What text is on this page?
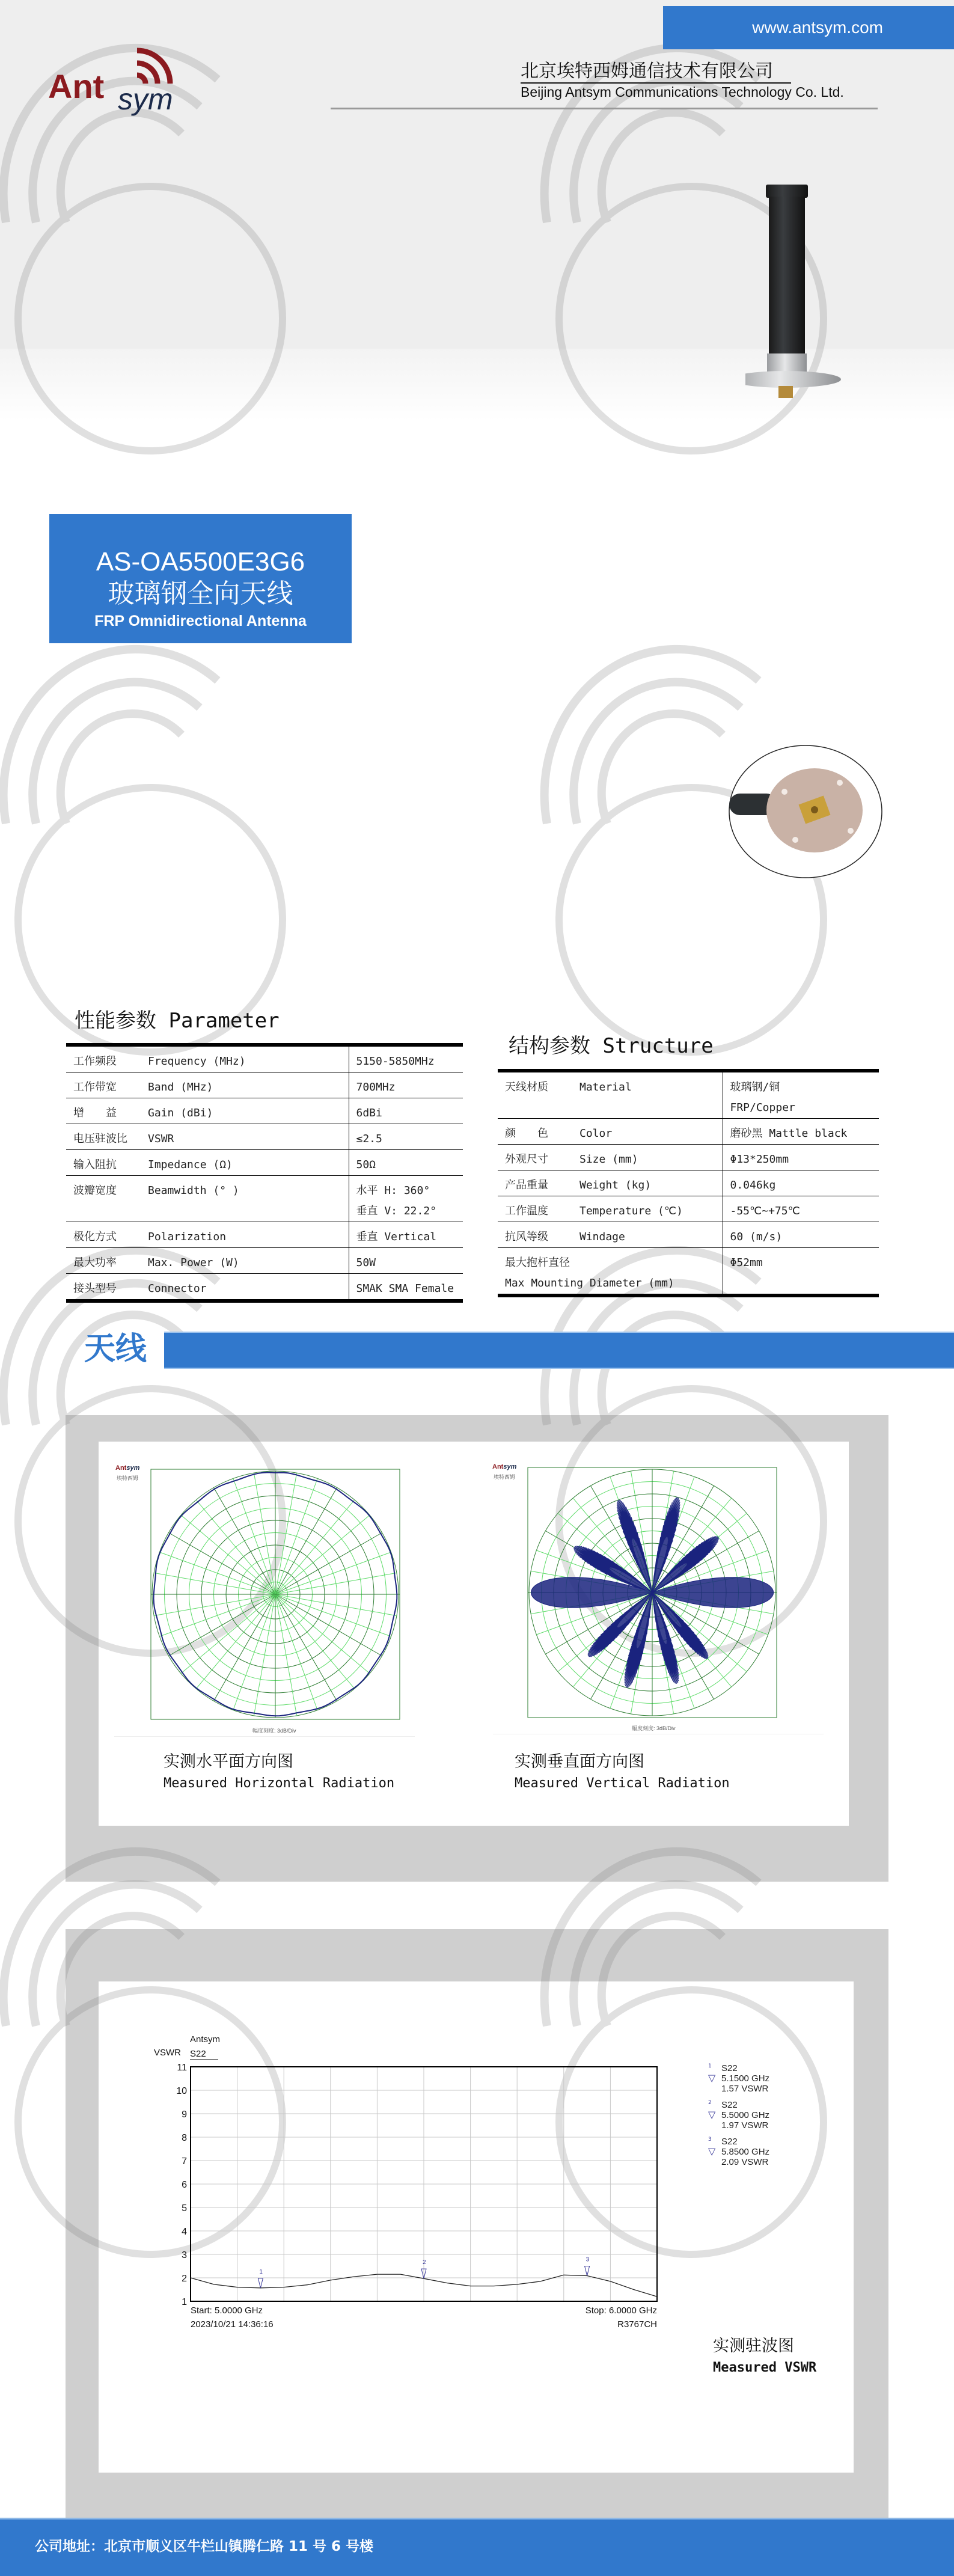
www.antsym.com
Ant sym
北京埃特西姆通信技术有限公司
Beijing Antsym Communications Technology Co. Ltd.
AS-OA5500E3G6
玻璃钢全向天线
FRP Omnidirectional Antenna
性能参数 Parameter
工作频段 Frequency (MHz)	5150-5850MHz

工作带宽 Band (MHz)	700MHz

增　　益 Gain (dBi)	6dBi

电压驻波比 VSWR	≤2.5

输入阻抗 Impedance (Ω)	50Ω

波瓣宽度 Beamwidth (° )	水平 H: 360°
垂直 V: 22.2°

极化方式 Polarization	垂直 Vertical

最大功率 Max. Power (W)	50W

接头型号 Connector	SMAK SMA Female
结构参数 Structure
天线材质 Material	玻璃钢/铜
FRP/Copper

颜　　色 Color	磨砂黑 Mattle black

外观尺寸 Size (mm)	Φ13*250mm

产品重量 Weight (kg)	0.046kg

工作温度 Temperature (℃)	-55℃~+75℃

抗风等级 Windage	60 (m/s)

最大抱杆直径
Max Mounting Diameter (mm)	Φ52mm
天线
Antsym
埃特西姆
幅度刻度: 3dB/Div
实测水平面方向图
Measured Horizontal Radiation
Antsym
埃特西姆
幅度刻度: 3dB/Div
实测垂直面方向图
Measured Vertical Radiation
Antsym
VSWR S22
1
2
3
4
5
6
7
8
9
10
11
1
2	3
Start: 5.0000 GHz
2023/10/21 14:36:16
Stop: 6.0000 GHz
R3767CH
1
▽
S22
5.1500 GHz
1.57 VSWR
2
▽
S22
5.5000 GHz
1.97 VSWR
3
▽
S22
5.8500 GHz
2.09 VSWR
实测驻波图
Measured VSWR
公司地址：北京市顺义区牛栏山镇腾仁路 11 号 6 号楼
